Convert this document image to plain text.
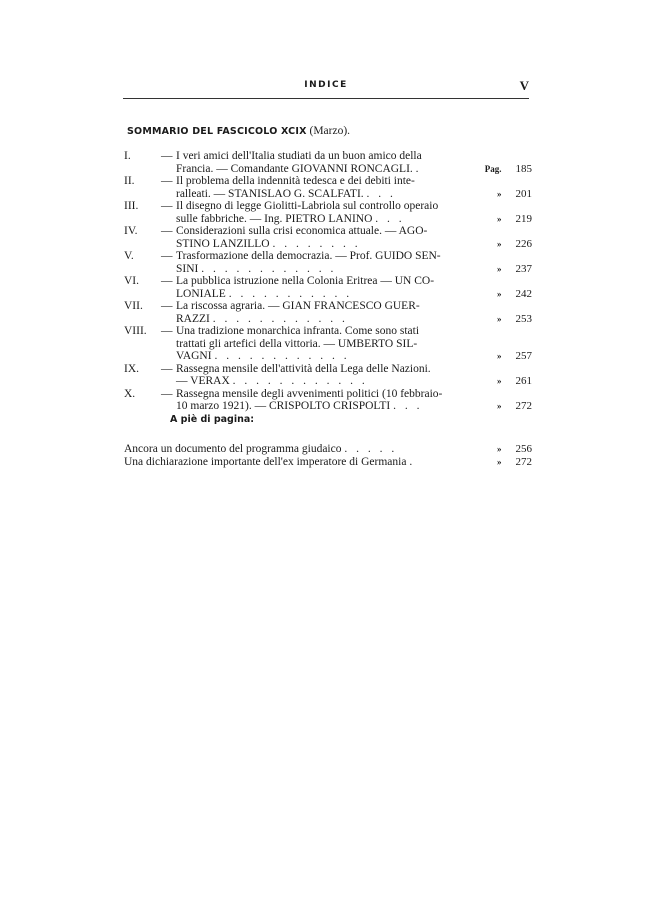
INDICE	V
SOMMARIO DEL FASCICOLO XCIX (Marzo).
I.	— I veri amici dell'Italia studiati da un buon amico della
Francia. — Comandante GIOVANNI RONCAGLI. .	Pag. 185
II. — Il problema della indennità tedesca e dei debiti inte-
ralleati. — STANISLAO G. SCALFATI. . . .	» 201
III. — Il disegno di legge Giolitti-Labriola sul controllo operaio
sulle fabbriche. — Ing. PIETRO LANINO . . .	» 219
IV. — Considerazioni sulla crisi economica attuale. — AGO-
STINO LANZILLO . . . . . . . .	» 226
V. — Trasformazione della democrazia. — Prof. GUIDO SEN-
SINI . . . . . . . . . . . .	» 237
VI. — La pubblica istruzione nella Colonia Eritrea — UN CO-
LONIALE . . . . . . . . . . .	» 242
VII. — La riscossa agraria. — GIAN FRANCESCO GUER-
RAZZI . . . . . . . . . . . .	» 253
VIII. — Una tradizione monarchica infranta. Come sono stati
trattati gli artefici della vittoria. — UMBERTO SIL-
VAGNI . . . . . . . . . . . .	» 257
IX. — Rassegna mensile dell'attività della Lega delle Nazioni.
— VERAX . . . . . . . . . . . .	» 261
X. — Rassegna mensile degli avvenimenti politici (10 febbraio-
10 marzo 1921). — CRISPOLTO CRISPOLTI . . .	» 272
A piè di pagina:
Ancora un documento del programma giudaico . . . . .	» 256
Una dichiarazione importante dell'ex imperatore di Germania .	» 272
